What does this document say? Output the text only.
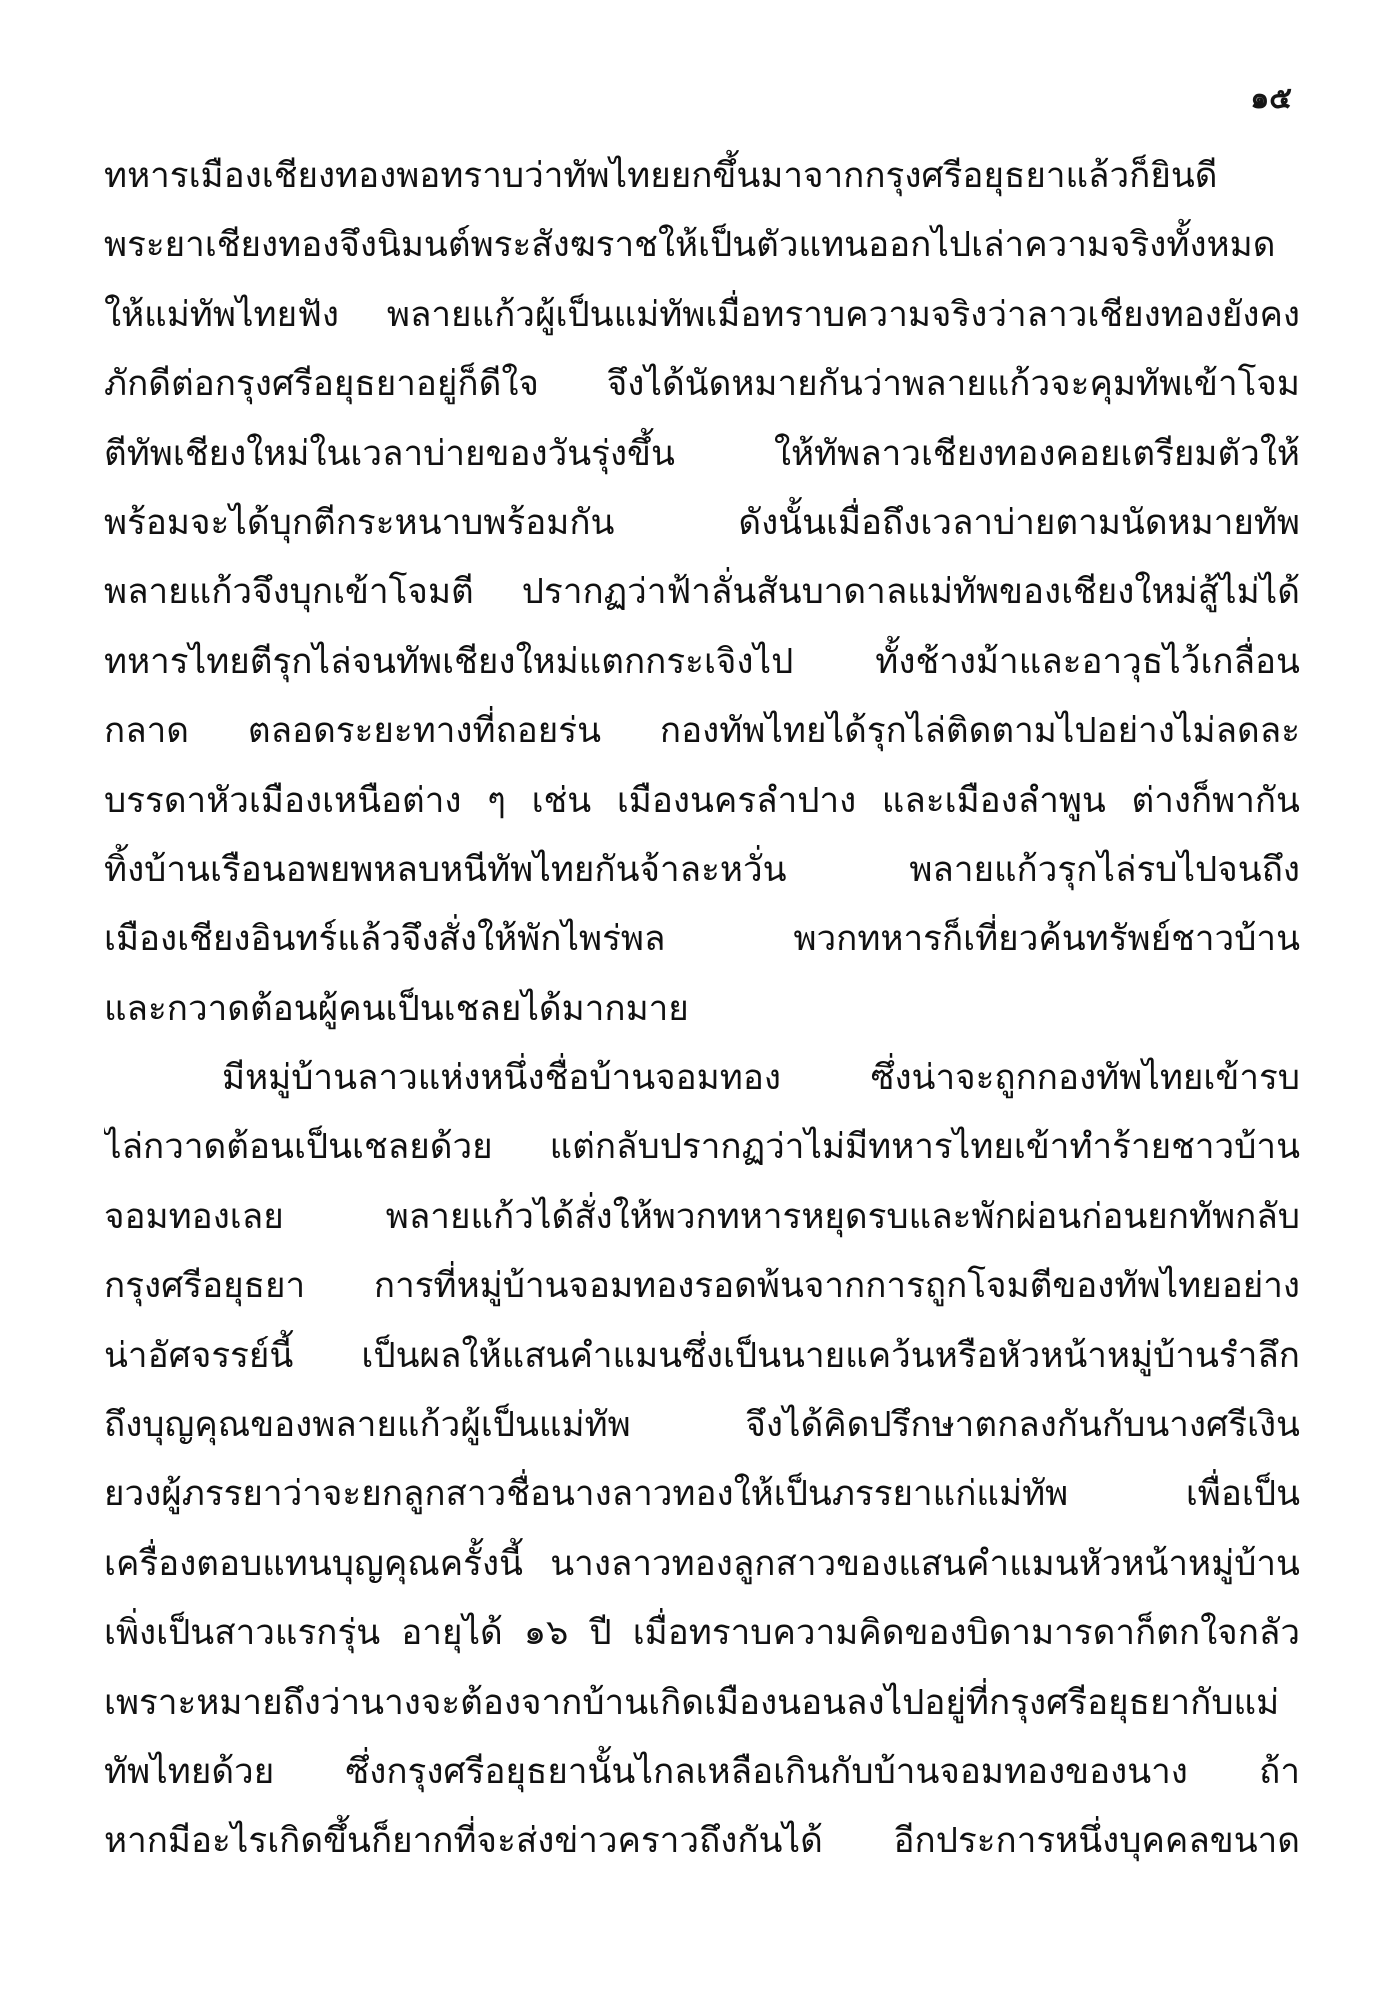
๑๕
ทหารเมืองเชียงทองพอทราบว่าทัพไทยยกขึ้นมาจากกรุงศรีอยุธยาแล้วก็ยินดี
พระยาเชียงทองจึงนิมนต์พระสังฆราชให้เป็นตัวแทนออกไปเล่าความจริงทั้งหมด
ให้แม่ทัพไทยฟัง พลายแก้วผู้เป็นแม่ทัพเมื่อทราบความจริงว่าลาวเชียงทองยังคง
ภักดีต่อกรุงศรีอยุธยาอยู่ก็ดีใจ จึงได้นัดหมายกันว่าพลายแก้วจะคุมทัพเข้าโจม
ตีทัพเชียงใหม่ในเวลาบ่ายของวันรุ่งขึ้น ให้ทัพลาวเชียงทองคอยเตรียมตัวให้
พร้อมจะได้บุกตีกระหนาบพร้อมกัน ดังนั้นเมื่อถึงเวลาบ่ายตามนัดหมายทัพ
พลายแก้วจึงบุกเข้าโจมตี ปรากฏว่าฟ้าลั่นสันบาดาลแม่ทัพของเชียงใหม่สู้ไม่ได้
ทหารไทยตีรุกไล่จนทัพเชียงใหม่แตกกระเจิงไป ทั้งช้างม้าและอาวุธไว้เกลื่อน
กลาด ตลอดระยะทางที่ถอยร่น กองทัพไทยได้รุกไล่ติดตามไปอย่างไม่ลดละ
บรรดาหัวเมืองเหนือต่าง ๆ เช่น เมืองนครลำปาง และเมืองลำพูน ต่างก็พากัน
ทิ้งบ้านเรือนอพยพหลบหนีทัพไทยกันจ้าละหวั่น พลายแก้วรุกไล่รบไปจนถึง
เมืองเชียงอินทร์แล้วจึงสั่งให้พักไพร่พล พวกทหารก็เที่ยวค้นทรัพย์ชาวบ้าน
และกวาดต้อนผู้คนเป็นเชลยได้มากมาย
มีหมู่บ้านลาวแห่งหนึ่งชื่อบ้านจอมทอง ซึ่งน่าจะถูกกองทัพไทยเข้ารบ
ไล่กวาดต้อนเป็นเชลยด้วย แต่กลับปรากฏว่าไม่มีทหารไทยเข้าทำร้ายชาวบ้าน
จอมทองเลย พลายแก้วได้สั่งให้พวกทหารหยุดรบและพักผ่อนก่อนยกทัพกลับ
กรุงศรีอยุธยา การที่หมู่บ้านจอมทองรอดพ้นจากการถูกโจมตีของทัพไทยอย่าง
น่าอัศจรรย์นี้ เป็นผลให้แสนคำแมนซึ่งเป็นนายแคว้นหรือหัวหน้าหมู่บ้านรำลึก
ถึงบุญคุณของพลายแก้วผู้เป็นแม่ทัพ จึงได้คิดปรึกษาตกลงกันกับนางศรีเงิน
ยวงผู้ภรรยาว่าจะยกลูกสาวชื่อนางลาวทองให้เป็นภรรยาแก่แม่ทัพ เพื่อเป็น
เครื่องตอบแทนบุญคุณครั้งนี้ นางลาวทองลูกสาวของแสนคำแมนหัวหน้าหมู่บ้าน
เพิ่งเป็นสาวแรกรุ่น อายุได้ ๑๖ ปี เมื่อทราบความคิดของบิดามารดาก็ตกใจกลัว
เพราะหมายถึงว่านางจะต้องจากบ้านเกิดเมืองนอนลงไปอยู่ที่กรุงศรีอยุธยากับแม่
ทัพไทยด้วย ซึ่งกรุงศรีอยุธยานั้นไกลเหลือเกินกับบ้านจอมทองของนาง ถ้า
หากมีอะไรเกิดขึ้นก็ยากที่จะส่งข่าวคราวถึงกันได้ อีกประการหนึ่งบุคคลขนาด
